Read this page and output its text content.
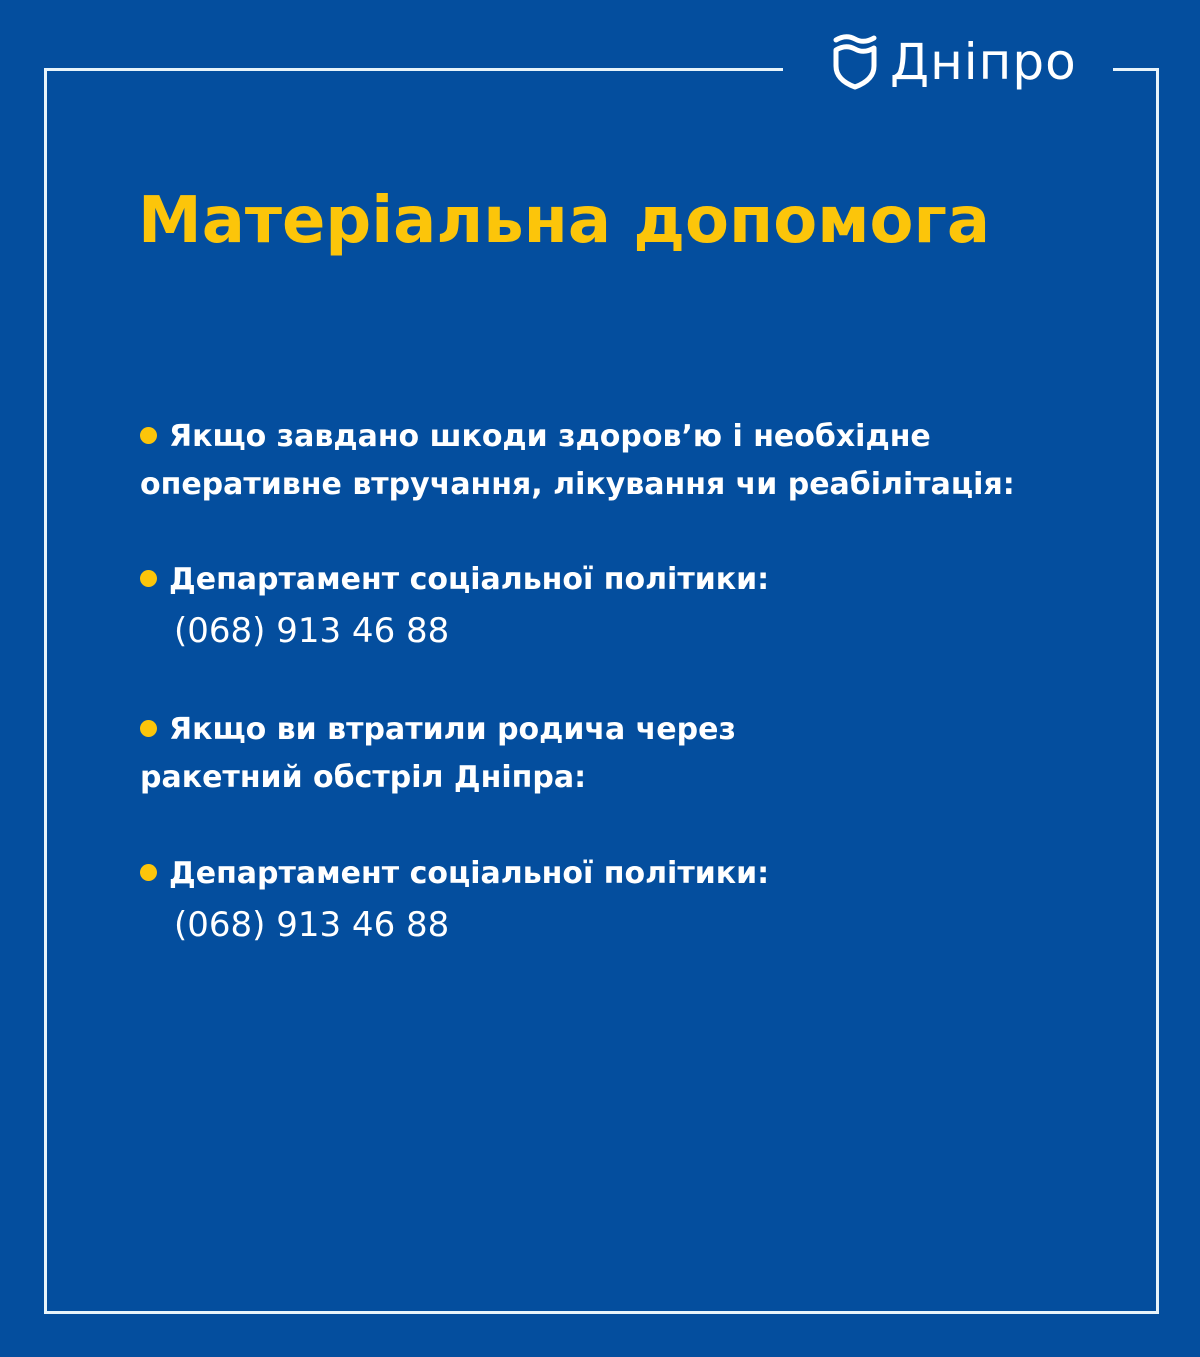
Дніпро
Матеріальна допомога
Якщо завдано шкоди здоров’ю і необхідне
оперативне втручання, лікування чи реабілітація:
Департамент соціальної політики:
(068) 913 46 88
Якщо ви втратили родича через
ракетний обстріл Дніпра:
Департамент соціальної політики:
(068) 913 46 88
